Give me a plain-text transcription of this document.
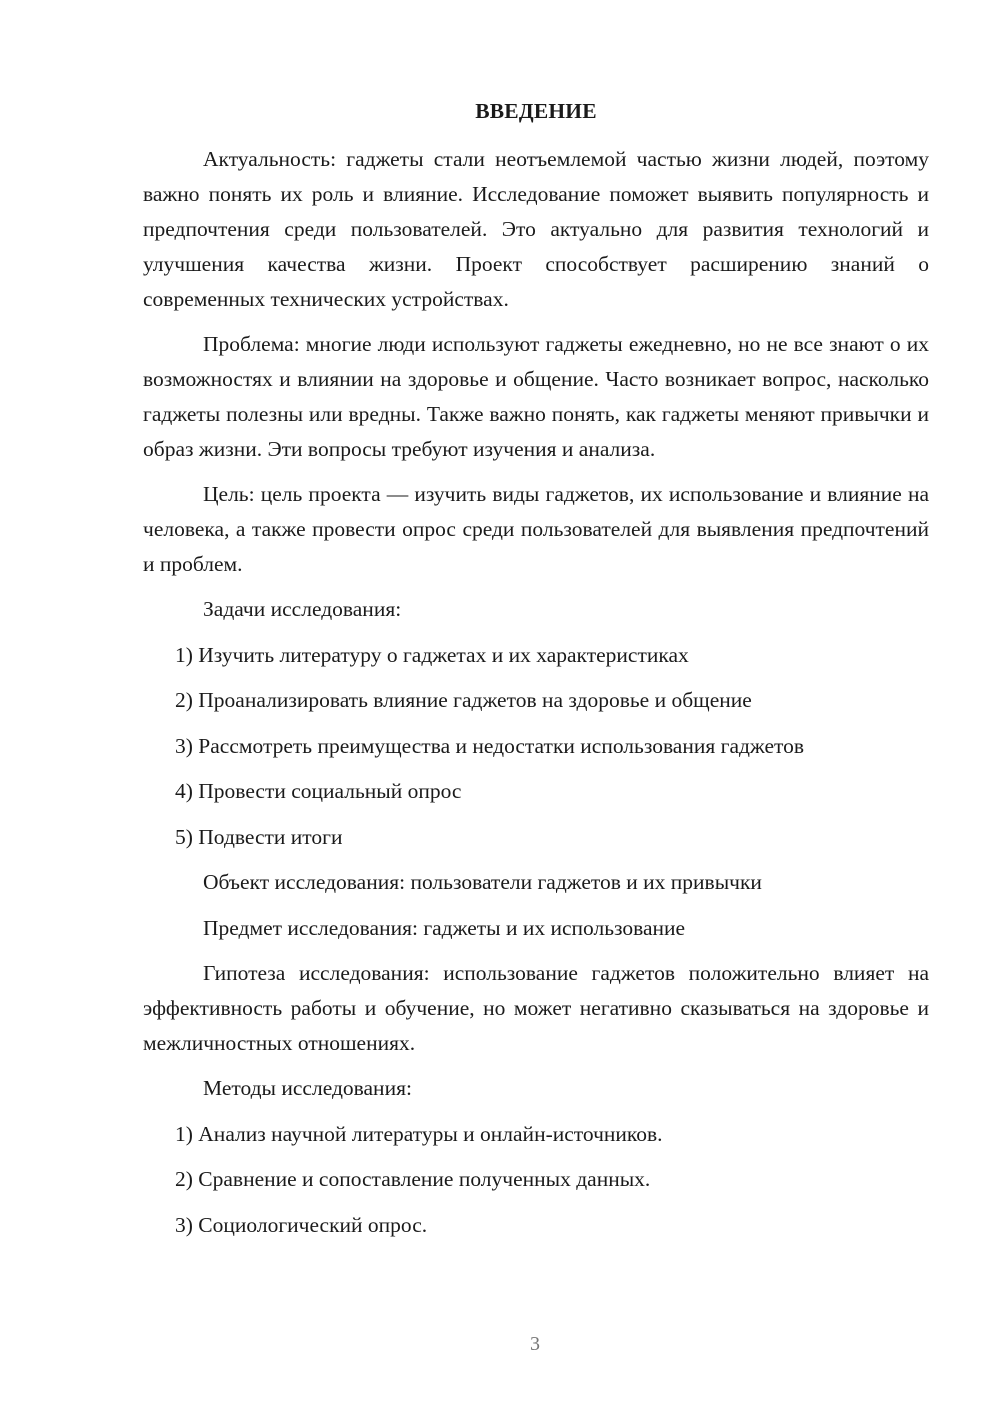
ВВЕДЕНИЕ

Актуальность: гаджеты стали неотъемлемой частью жизни людей, поэтому важно понять их роль и влияние. Исследование поможет выявить популярность и предпочтения среди пользователей. Это актуально для развития технологий и улучшения качества жизни. Проект способствует расширению знаний о современных технических устройствах.

Проблема: многие люди используют гаджеты ежедневно, но не все знают о их возможностях и влиянии на здоровье и общение. Часто возникает вопрос, насколько гаджеты полезны или вредны. Также важно понять, как гаджеты меняют привычки и образ жизни. Эти вопросы требуют изучения и анализа.

Цель: цель проекта — изучить виды гаджетов, их использование и влияние на человека, а также провести опрос среди пользователей для выявления предпочтений и проблем.

Задачи исследования:
1) Изучить литературу о гаджетах и их характеристиках
2) Проанализировать влияние гаджетов на здоровье и общение
3) Рассмотреть преимущества и недостатки использования гаджетов
4) Провести социальный опрос
5) Подвести итоги
Объект исследования: пользователи гаджетов и их привычки
Предмет исследования: гаджеты и их использование

Гипотеза исследования: использование гаджетов положительно влияет на эффективность работы и обучение, но может негативно сказываться на здоровье и межличностных отношениях.

Методы исследования:
1) Анализ научной литературы и онлайн-источников.
2) Сравнение и сопоставление полученных данных.
3) Социологический опрос.
3
